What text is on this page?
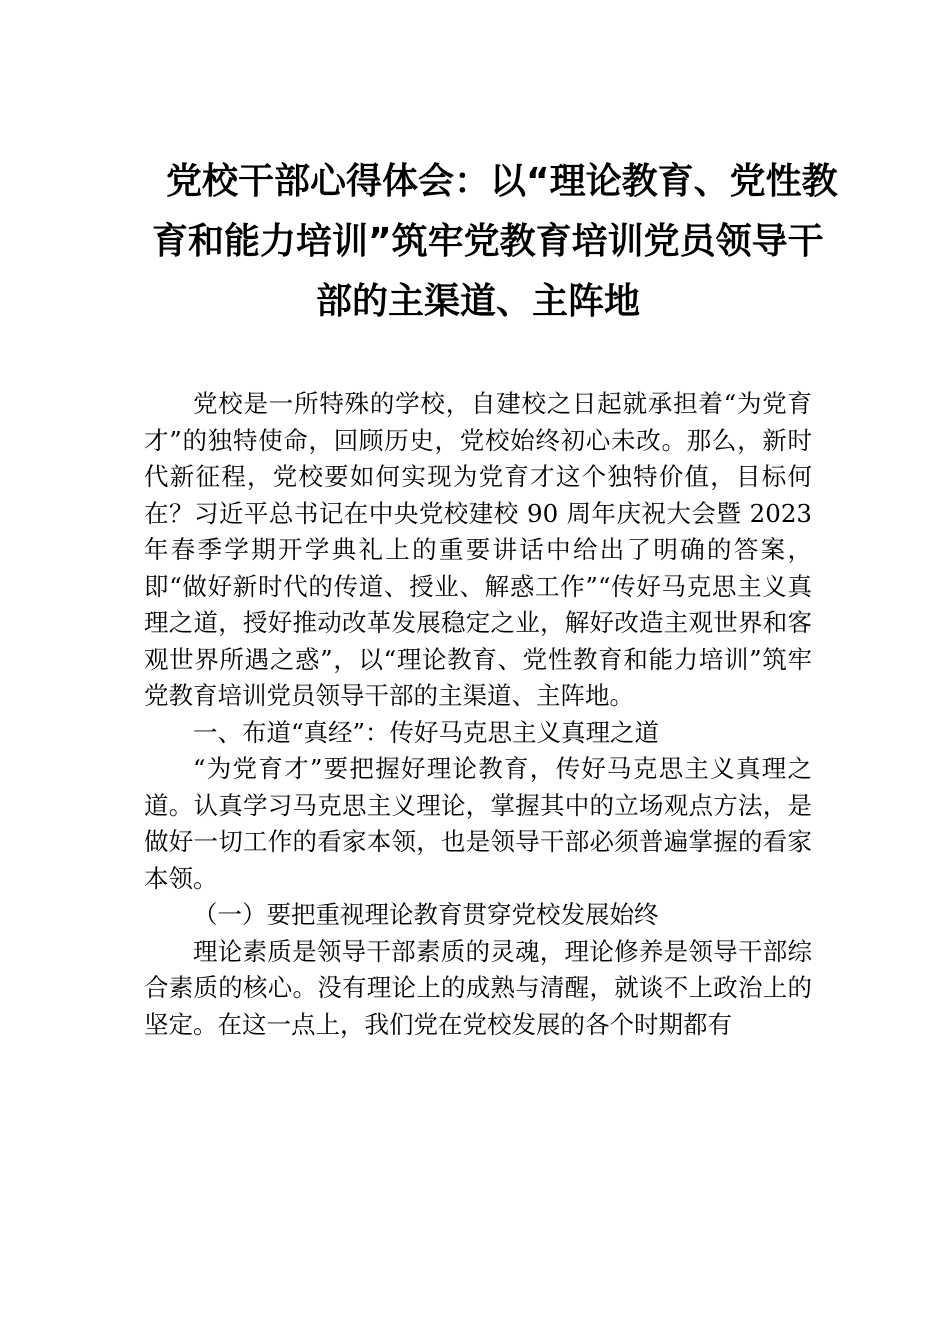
党校干部心得体会：以“理论教育、党性教
育和能力培训”筑牢党教育培训党员领导干
部的主渠道、主阵地

党校是一所特殊的学校，自建校之日起就承担着“为党育才”的独特使命，回顾历史，党校始终初心未改。那么，新时代新征程，党校要如何实现为党育才这个独特价值，目标何在？习近平总书记在中央党校建校 90 周年庆祝大会暨 2023 年春季学期开学典礼上的重要讲话中给出了明确的答案，即“做好新时代的传道、授业、解惑工作”“传好马克思主义真理之道，授好推动改革发展稳定之业，解好改造主观世界和客观世界所遇之惑”，以“理论教育、党性教育和能力培训”筑牢党教育培训党员领导干部的主渠道、主阵地。

一、布道“真经”：传好马克思主义真理之道

“为党育才”要把握好理论教育，传好马克思主义真理之道。认真学习马克思主义理论，掌握其中的立场观点方法，是做好一切工作的看家本领，也是领导干部必须普遍掌握的看家本领。

（一）要把重视理论教育贯穿党校发展始终

理论素质是领导干部素质的灵魂，理论修养是领导干部综合素质的核心。没有理论上的成熟与清醒，就谈不上政治上的坚定。在这一点上，我们党在党校发展的各个时期都有
